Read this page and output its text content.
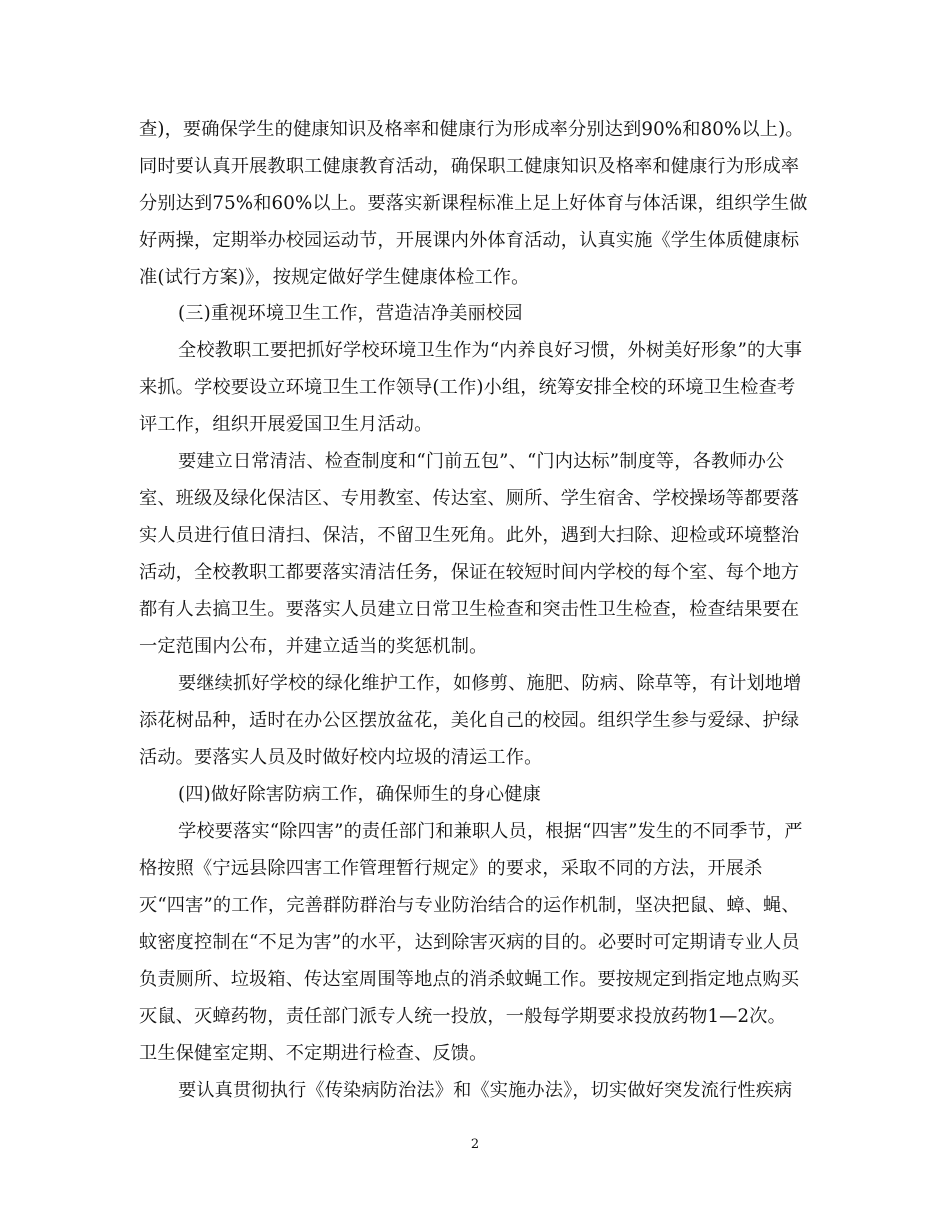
查)，要确保学生的健康知识及格率和健康行为形成率分别达到90%和80%以上)。
同时要认真开展教职工健康教育活动，确保职工健康知识及格率和健康行为形成率
分别达到75%和60%以上。要落实新课程标准上足上好体育与体活课，组织学生做
好两操，定期举办校园运动节，开展课内外体育活动，认真实施《学生体质健康标
准(试行方案)》，按规定做好学生健康体检工作。
(三)重视环境卫生工作，营造洁净美丽校园
全校教职工要把抓好学校环境卫生作为“内养良好习惯，外树美好形象”的大事
来抓。学校要设立环境卫生工作领导(工作)小组，统筹安排全校的环境卫生检查考
评工作，组织开展爱国卫生月活动。
要建立日常清洁、检查制度和“门前五包”、“门内达标”制度等，各教师办公
室、班级及绿化保洁区、专用教室、传达室、厕所、学生宿舍、学校操场等都要落
实人员进行值日清扫、保洁，不留卫生死角。此外，遇到大扫除、迎检或环境整治
活动，全校教职工都要落实清洁任务，保证在较短时间内学校的每个室、每个地方
都有人去搞卫生。要落实人员建立日常卫生检查和突击性卫生检查，检查结果要在
一定范围内公布，并建立适当的奖惩机制。
要继续抓好学校的绿化维护工作，如修剪、施肥、防病、除草等，有计划地增
添花树品种，适时在办公区摆放盆花，美化自己的校园。组织学生参与爱绿、护绿
活动。要落实人员及时做好校内垃圾的清运工作。
(四)做好除害防病工作，确保师生的身心健康
学校要落实“除四害”的责任部门和兼职人员，根据“四害”发生的不同季节，严
格按照《宁远县除四害工作管理暂行规定》的要求，采取不同的方法，开展杀
灭“四害”的工作，完善群防群治与专业防治结合的运作机制，坚决把鼠、蟑、蝇、
蚊密度控制在“不足为害”的水平，达到除害灭病的目的。必要时可定期请专业人员
负责厕所、垃圾箱、传达室周围等地点的消杀蚊蝇工作。要按规定到指定地点购买
灭鼠、灭蟑药物，责任部门派专人统一投放，一般每学期要求投放药物1—2次。
卫生保健室定期、不定期进行检查、反馈。
要认真贯彻执行《传染病防治法》和《实施办法》，切实做好突发流行性疾病
2
